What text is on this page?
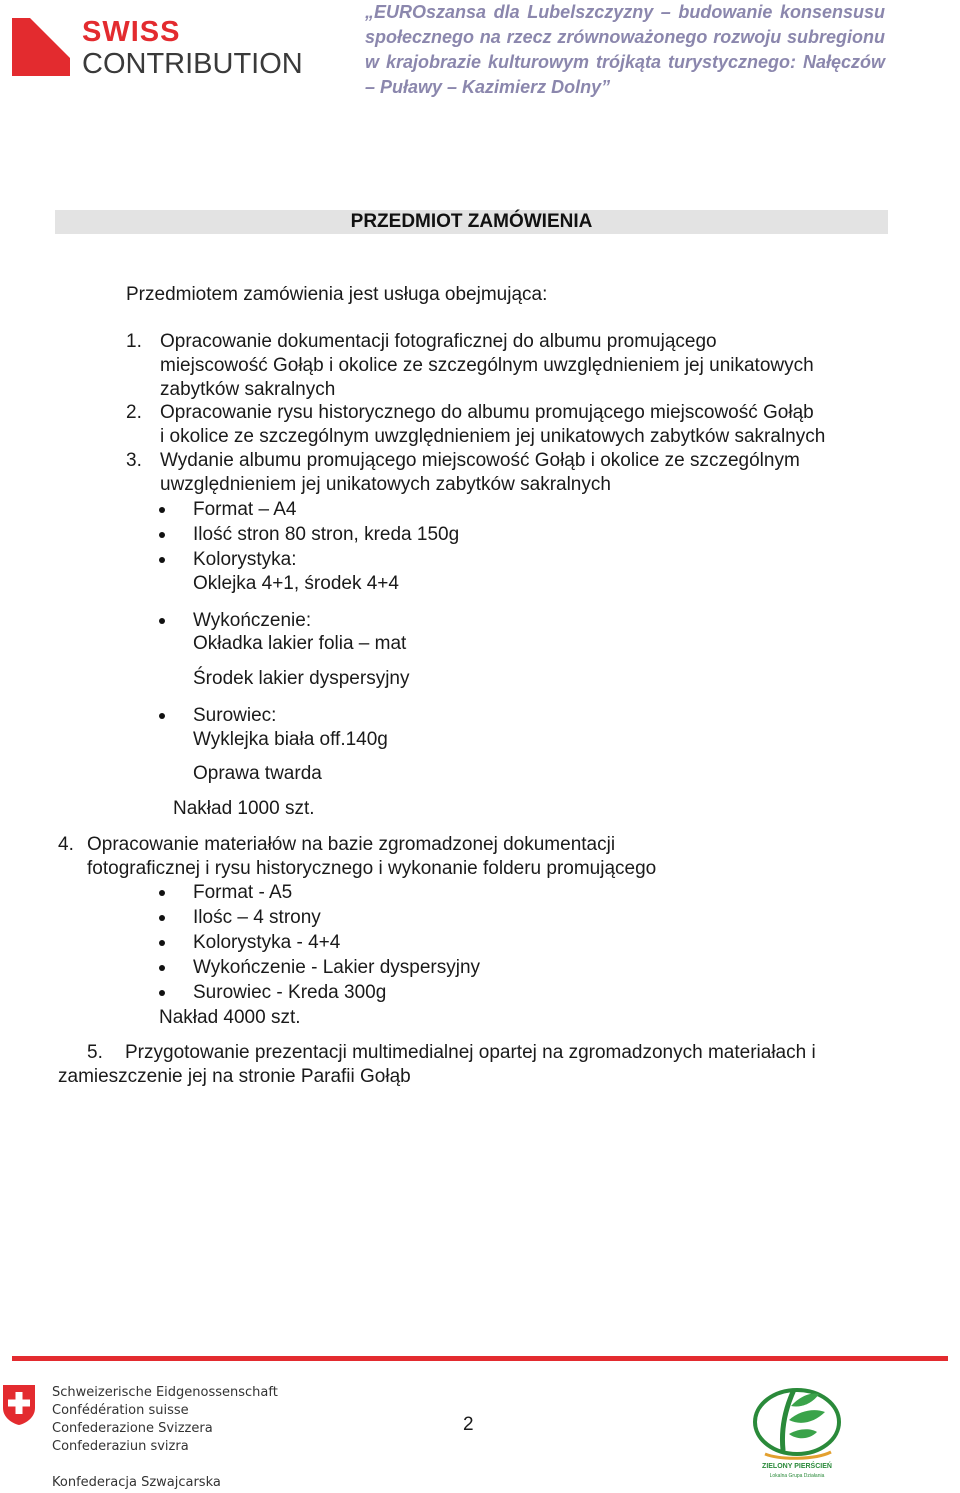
SWISS
CONTRIBUTION
„EUROszansa dla Lubelszczyzny – budowanie konsensusu społecznego na rzecz zrównoważonego rozwoju subregionu w krajobrazie kulturowym trójkąta turystycznego: Nałęczów – Puławy – Kazimierz Dolny”
PRZEDMIOT ZAMÓWIENIA
Przedmiotem zamówienia jest usługa obejmująca:
1. Opracowanie dokumentacji fotograficznej do albumu promującego
miejscowość Gołąb i okolice ze szczególnym uwzględnieniem jej unikatowych
zabytków sakralnych
2. Opracowanie rysu historycznego do albumu promującego miejscowość Gołąb
i okolice ze szczególnym uwzględnieniem jej unikatowych zabytków sakralnych
3. Wydanie albumu promującego miejscowość Gołąb i okolice ze szczególnym
uwzględnieniem jej unikatowych zabytków sakralnych
Format – A4
Ilość stron 80 stron, kreda 150g
Kolorystyka:
Oklejka 4+1, środek 4+4
Wykończenie:
Okładka lakier folia – mat
Środek lakier dyspersyjny
Surowiec:
Wyklejka biała off.140g
Oprawa twarda
Nakład 1000 szt.
4. Opracowanie materiałów na bazie zgromadzonej dokumentacji
fotograficznej i rysu historycznego i wykonanie folderu promującego
Format - A5
Ilośc – 4 strony
Kolorystyka - 4+4
Wykończenie - Lakier dyspersyjny
Surowiec - Kreda 300g
Nakład 4000 szt.
5. Przygotowanie prezentacji multimedialnej opartej na zgromadzonych materiałach i
zamieszczenie jej na stronie Parafii Gołąb
Schweizerische Eidgenossenschaft
Confédération suisse
Confederazione Svizzera
Confederaziun svizra
Konfederacja Szwajcarska
2
ZIELONY PIERŚCIEŃ
Lokalna Grupa Działania
